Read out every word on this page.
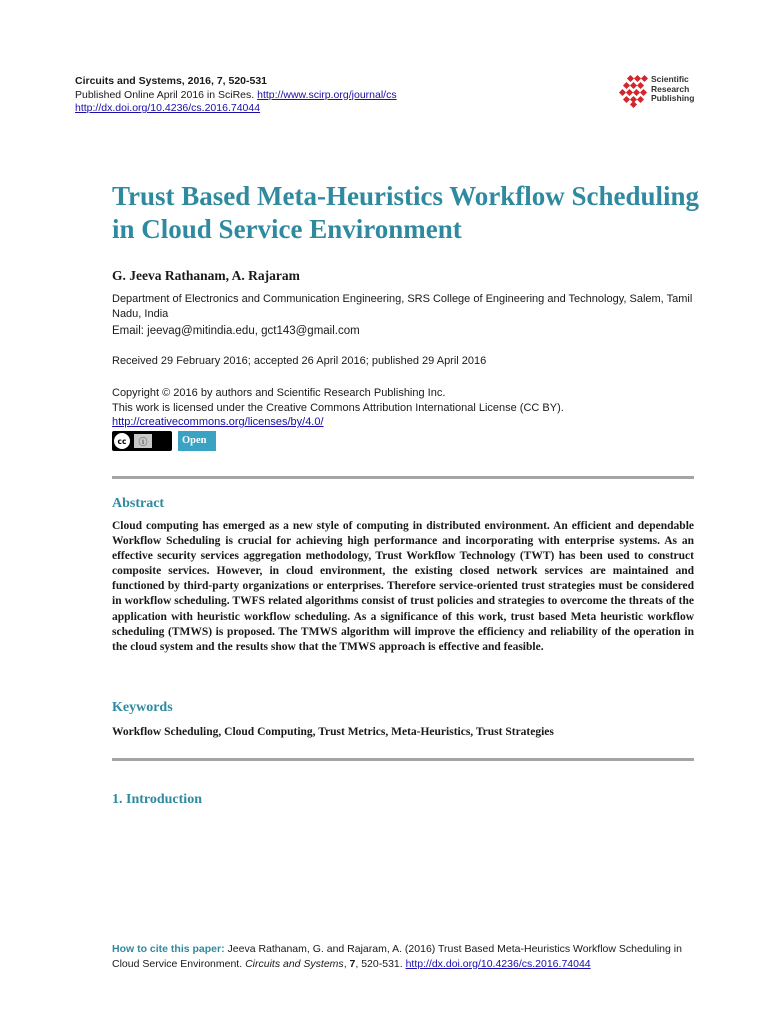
Circuits and Systems, 2016, 7, 520-531
Published Online April 2016 in SciRes. http://www.scirp.org/journal/cs
http://dx.doi.org/10.4236/cs.2016.74044
Scientific
Research
Publishing
Trust Based Meta-Heuristics Workflow Scheduling in Cloud Service Environment
G. Jeeva Rathanam, A. Rajaram
Department of Electronics and Communication Engineering, SRS College of Engineering and Technology, Salem, Tamil Nadu, India
Email: jeevag@mitindia.edu, gct143@gmail.com
Received 29 February 2016; accepted 26 April 2016; published 29 April 2016
Copyright © 2016 by authors and Scientific Research Publishing Inc.
This work is licensed under the Creative Commons Attribution International License (CC BY).
http://creativecommons.org/licenses/by/4.0/
cc	ⓘ	Open Access
Abstract

Cloud computing has emerged as a new style of computing in distributed environment. An efficient and dependable Workflow Scheduling is crucial for achieving high performance and incorporating with enterprise systems. As an effective security services aggregation methodology, Trust Workflow Technology (TWT) has been used to construct composite services. However, in cloud environment, the existing closed network services are maintained and functioned by third-party organizations or enterprises. Therefore service-oriented trust strategies must be considered in workflow scheduling. TWFS related algorithms consist of trust policies and strategies to overcome the threats of the application with heuristic workflow scheduling. As a significance of this work, trust based Meta heuristic workflow scheduling (TMWS) is proposed. The TMWS algorithm will improve the efficiency and reliability of the operation in the cloud system and the results show that the TMWS approach is effective and feasible.

Keywords
Workflow Scheduling, Cloud Computing, Trust Metrics, Meta-Heuristics, Trust Strategies
1. Introduction
How to cite this paper: Jeeva Rathanam, G. and Rajaram, A. (2016) Trust Based Meta-Heuristics Workflow Scheduling in Cloud Service Environment. Circuits and Systems, 7, 520-531. http://dx.doi.org/10.4236/cs.2016.74044
